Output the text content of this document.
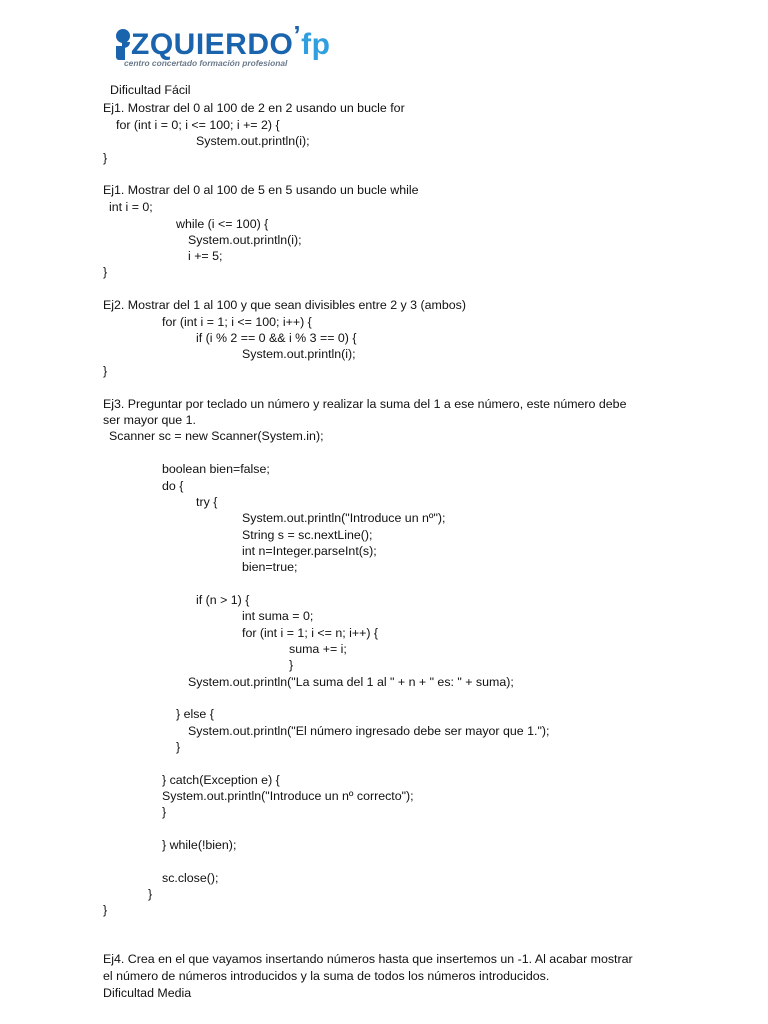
ZQUIERDO ’ fp
centro concertado formación profesional
Dificultad Fácil
Ej1. Mostrar del 0 al 100 de 2 en 2 usando un bucle for
for (int i = 0; i <= 100; i += 2) {
System.out.println(i);
}
Ej1. Mostrar del 0 al 100 de 5 en 5 usando un bucle while
int i = 0;
while (i <= 100) {
System.out.println(i);
i += 5;
}
Ej2. Mostrar del 1 al 100 y que sean divisibles entre 2 y 3 (ambos)
for (int i = 1; i <= 100; i++) {
if (i % 2 == 0 && i % 3 == 0) {
System.out.println(i);
}
Ej3. Preguntar por teclado un número y realizar la suma del 1 a ese número, este número debe
ser mayor que 1.
Scanner sc = new Scanner(System.in);
boolean bien=false;
do {
try {
System.out.println("Introduce un nº");
String s = sc.nextLine();
int n=Integer.parseInt(s);
bien=true;
if (n > 1) {
int suma = 0;
for (int i = 1; i <= n; i++) {
suma += i;
}
System.out.println("La suma del 1 al " + n + " es: " + suma);
} else {
System.out.println("El número ingresado debe ser mayor que 1.");
}
} catch(Exception e) {
System.out.println("Introduce un nº correcto");
}
} while(!bien);
sc.close();
}
}
Ej4. Crea en el que vayamos insertando números hasta que insertemos un -1. Al acabar mostrar
el número de números introducidos y la suma de todos los números introducidos.
Dificultad Media
